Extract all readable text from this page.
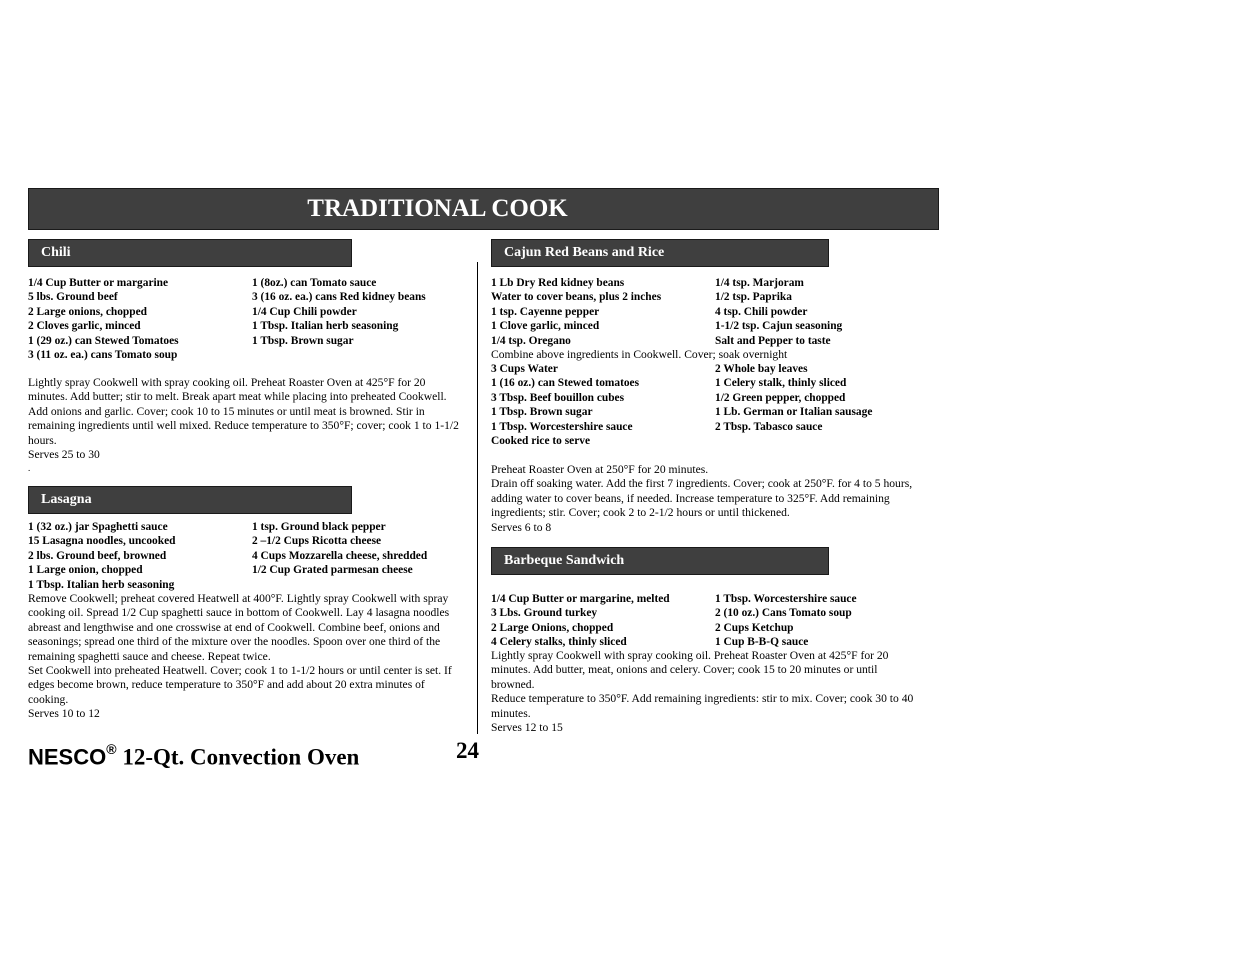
TRADITIONAL COOK
Chili
1/4 Cup Butter or margarine
5 lbs. Ground beef
2 Large onions, chopped
2 Cloves garlic, minced
1 (29 oz.) can Stewed Tomatoes
3 (11 oz. ea.) cans Tomato soup
1 (8oz.) can Tomato sauce
3 (16 oz. ea.) cans Red kidney beans
1/4 Cup Chili powder
1 Tbsp. Italian herb seasoning
1 Tbsp. Brown sugar

Lightly spray Cookwell with spray cooking oil. Preheat Roaster Oven at 425°F for 20 minutes. Add butter; stir to melt. Break apart meat while placing into preheated Cookwell. Add onions and garlic. Cover; cook 10 to 15 minutes or until meat is browned. Stir in remaining ingredients until well mixed. Reduce temperature to 350°F; cover; cook 1 to 1-1/2 hours.

Serves 25 to 30

.

Lasagna
1 (32 oz.) jar Spaghetti sauce
15 Lasagna noodles, uncooked
2 lbs. Ground beef, browned
1 Large onion, chopped
1 Tbsp. Italian herb seasoning
1 tsp. Ground black pepper
2 –1/2 Cups Ricotta cheese
4 Cups Mozzarella cheese, shredded
1/2 Cup Grated parmesan cheese

Remove Cookwell; preheat covered Heatwell at 400°F. Lightly spray Cookwell with spray cooking oil. Spread 1/2 Cup spaghetti sauce in bottom of Cookwell. Lay 4 lasagna noodles abreast and lengthwise and one crosswise at end of Cookwell. Combine beef, onions and seasonings; spread one third of the mixture over the noodles. Spoon over one third of the remaining spaghetti sauce and cheese. Repeat twice.

Set Cookwell into preheated Heatwell. Cover; cook 1 to 1-1/2 hours or until center is set. If edges become brown, reduce temperature to 350°F and add about 20 extra minutes of cooking.

Serves 10 to 12

Cajun Red Beans and Rice
1 Lb Dry Red kidney beans
Water to cover beans, plus 2 inches
1 tsp. Cayenne pepper
1 Clove garlic, minced
1/4 tsp. Oregano
1/4 tsp. Marjoram
1/2 tsp. Paprika
4 tsp. Chili powder
1-1/2 tsp. Cajun seasoning
Salt and Pepper to taste
Combine above ingredients in Cookwell. Cover; soak overnight
3 Cups Water
1 (16 oz.) can Stewed tomatoes
3 Tbsp. Beef bouillon cubes
1 Tbsp. Brown sugar
1 Tbsp. Worcestershire sauce
Cooked rice to serve
2 Whole bay leaves
1 Celery stalk, thinly sliced
1/2 Green pepper, chopped
1 Lb. German or Italian sausage
2 Tbsp. Tabasco sauce

Preheat Roaster Oven at 250°F for 20 minutes.

Drain off soaking water. Add the first 7 ingredients. Cover; cook at 250°F. for 4 to 5 hours, adding water to cover beans, if needed. Increase temperature to 325°F. Add remaining ingredients; stir. Cover; cook 2 to 2-1/2 hours or until thickened.

Serves 6 to 8

Barbeque Sandwich
1/4 Cup Butter or margarine, melted
3 Lbs. Ground turkey
2 Large Onions, chopped
4 Celery stalks, thinly sliced
1 Tbsp. Worcestershire sauce
2 (10 oz.) Cans Tomato soup
2 Cups Ketchup
1 Cup B-B-Q sauce

Lightly spray Cookwell with spray cooking oil. Preheat Roaster Oven at 425°F for 20 minutes. Add butter, meat, onions and celery. Cover; cook 15 to 20 minutes or until browned.

Reduce temperature to 350°F. Add remaining ingredients: stir to mix. Cover; cook 30 to 40 minutes.

Serves 12 to 15

NESCO® 12-Qt. Convection Oven	24
